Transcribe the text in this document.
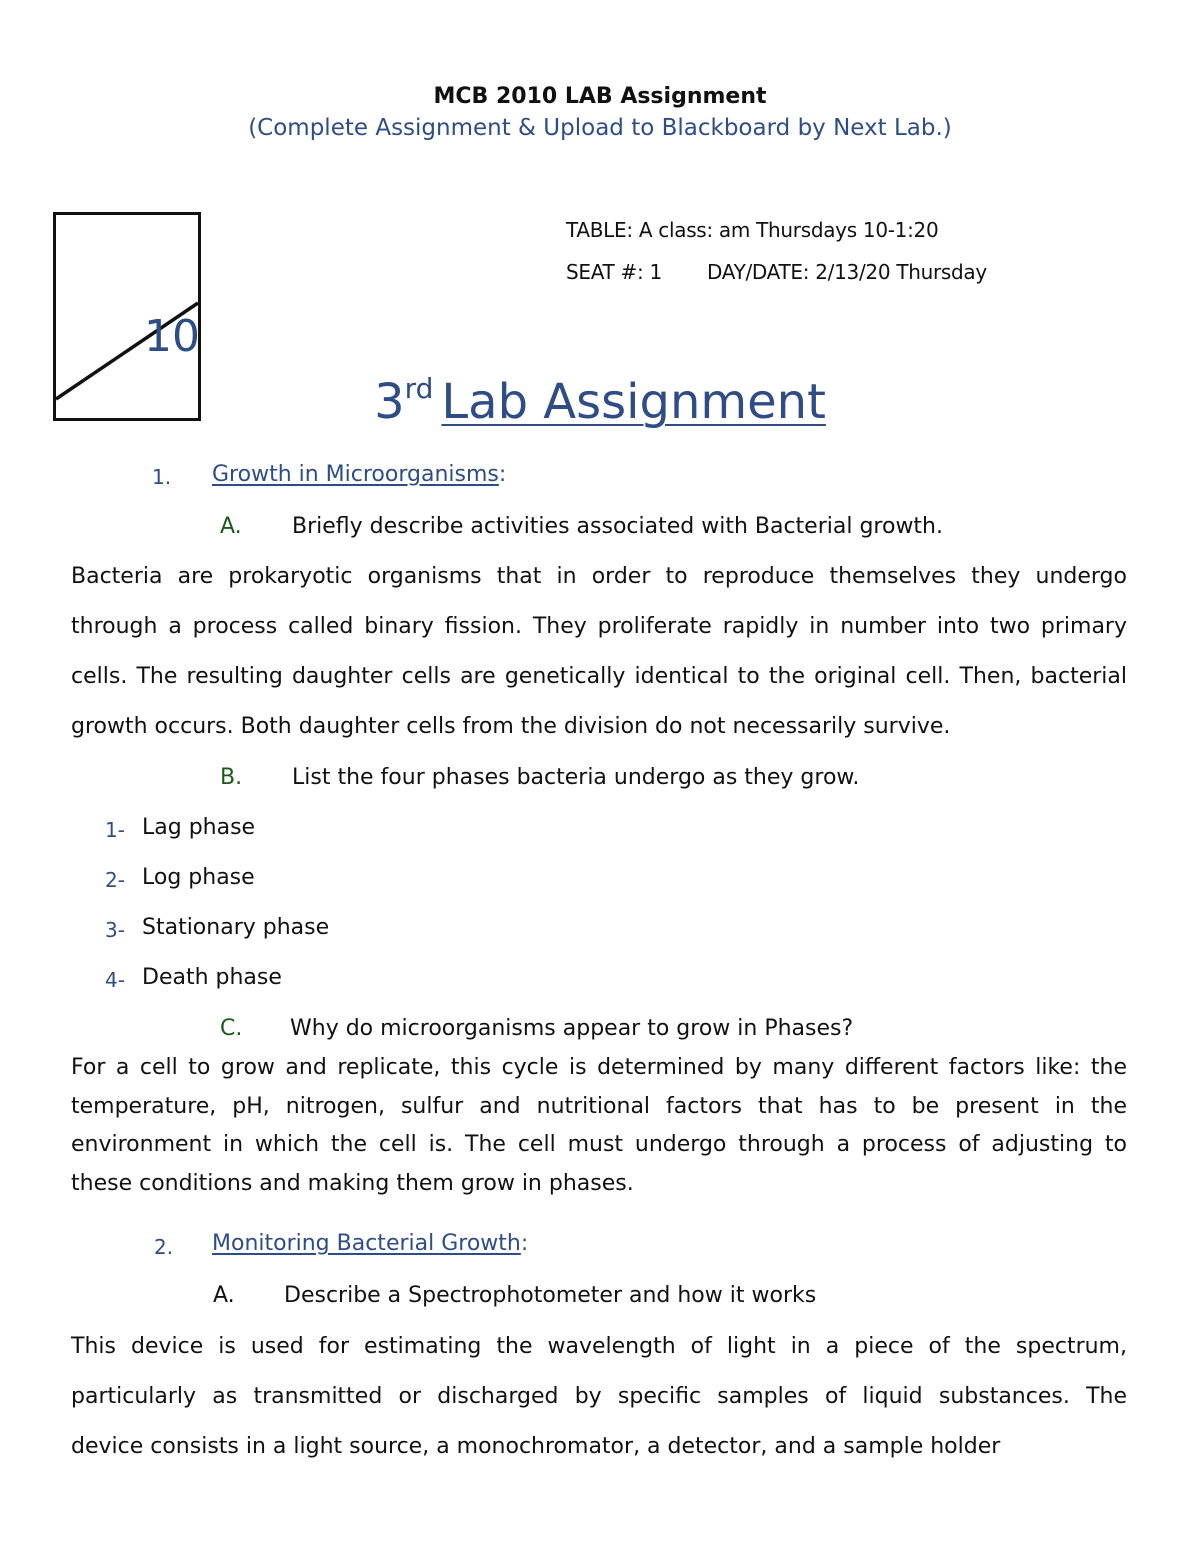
MCB 2010 LAB Assignment
(Complete Assignment & Upload to Blackboard by Next Lab.)
10
TABLE: A class: am Thursdays 10-1:20
SEAT #: 1 DAY/DATE: 2/13/20 Thursday
3rd Lab Assignment
1. Growth in Microorganisms:
A. Briefly describe activities associated with Bacterial growth.
Bacteria are prokaryotic organisms that in order to reproduce themselves they undergo
through a process called binary fission. They proliferate rapidly in number into two primary
cells. The resulting daughter cells are genetically identical to the original cell. Then, bacterial
growth occurs. Both daughter cells from the division do not necessarily survive.
B. List the four phases bacteria undergo as they grow.
1- Lag phase
2- Log phase
3- Stationary phase
4- Death phase
C. Why do microorganisms appear to grow in Phases?
For a cell to grow and replicate, this cycle is determined by many different factors like: the
temperature, pH, nitrogen, sulfur and nutritional factors that has to be present in the
environment in which the cell is. The cell must undergo through a process of adjusting to
these conditions and making them grow in phases.
2. Monitoring Bacterial Growth:
A. Describe a Spectrophotometer and how it works
This device is used for estimating the wavelength of light in a piece of the spectrum,
particularly as transmitted or discharged by specific samples of liquid substances. The
device consists in a light source, a monochromator, a detector, and a sample holder
